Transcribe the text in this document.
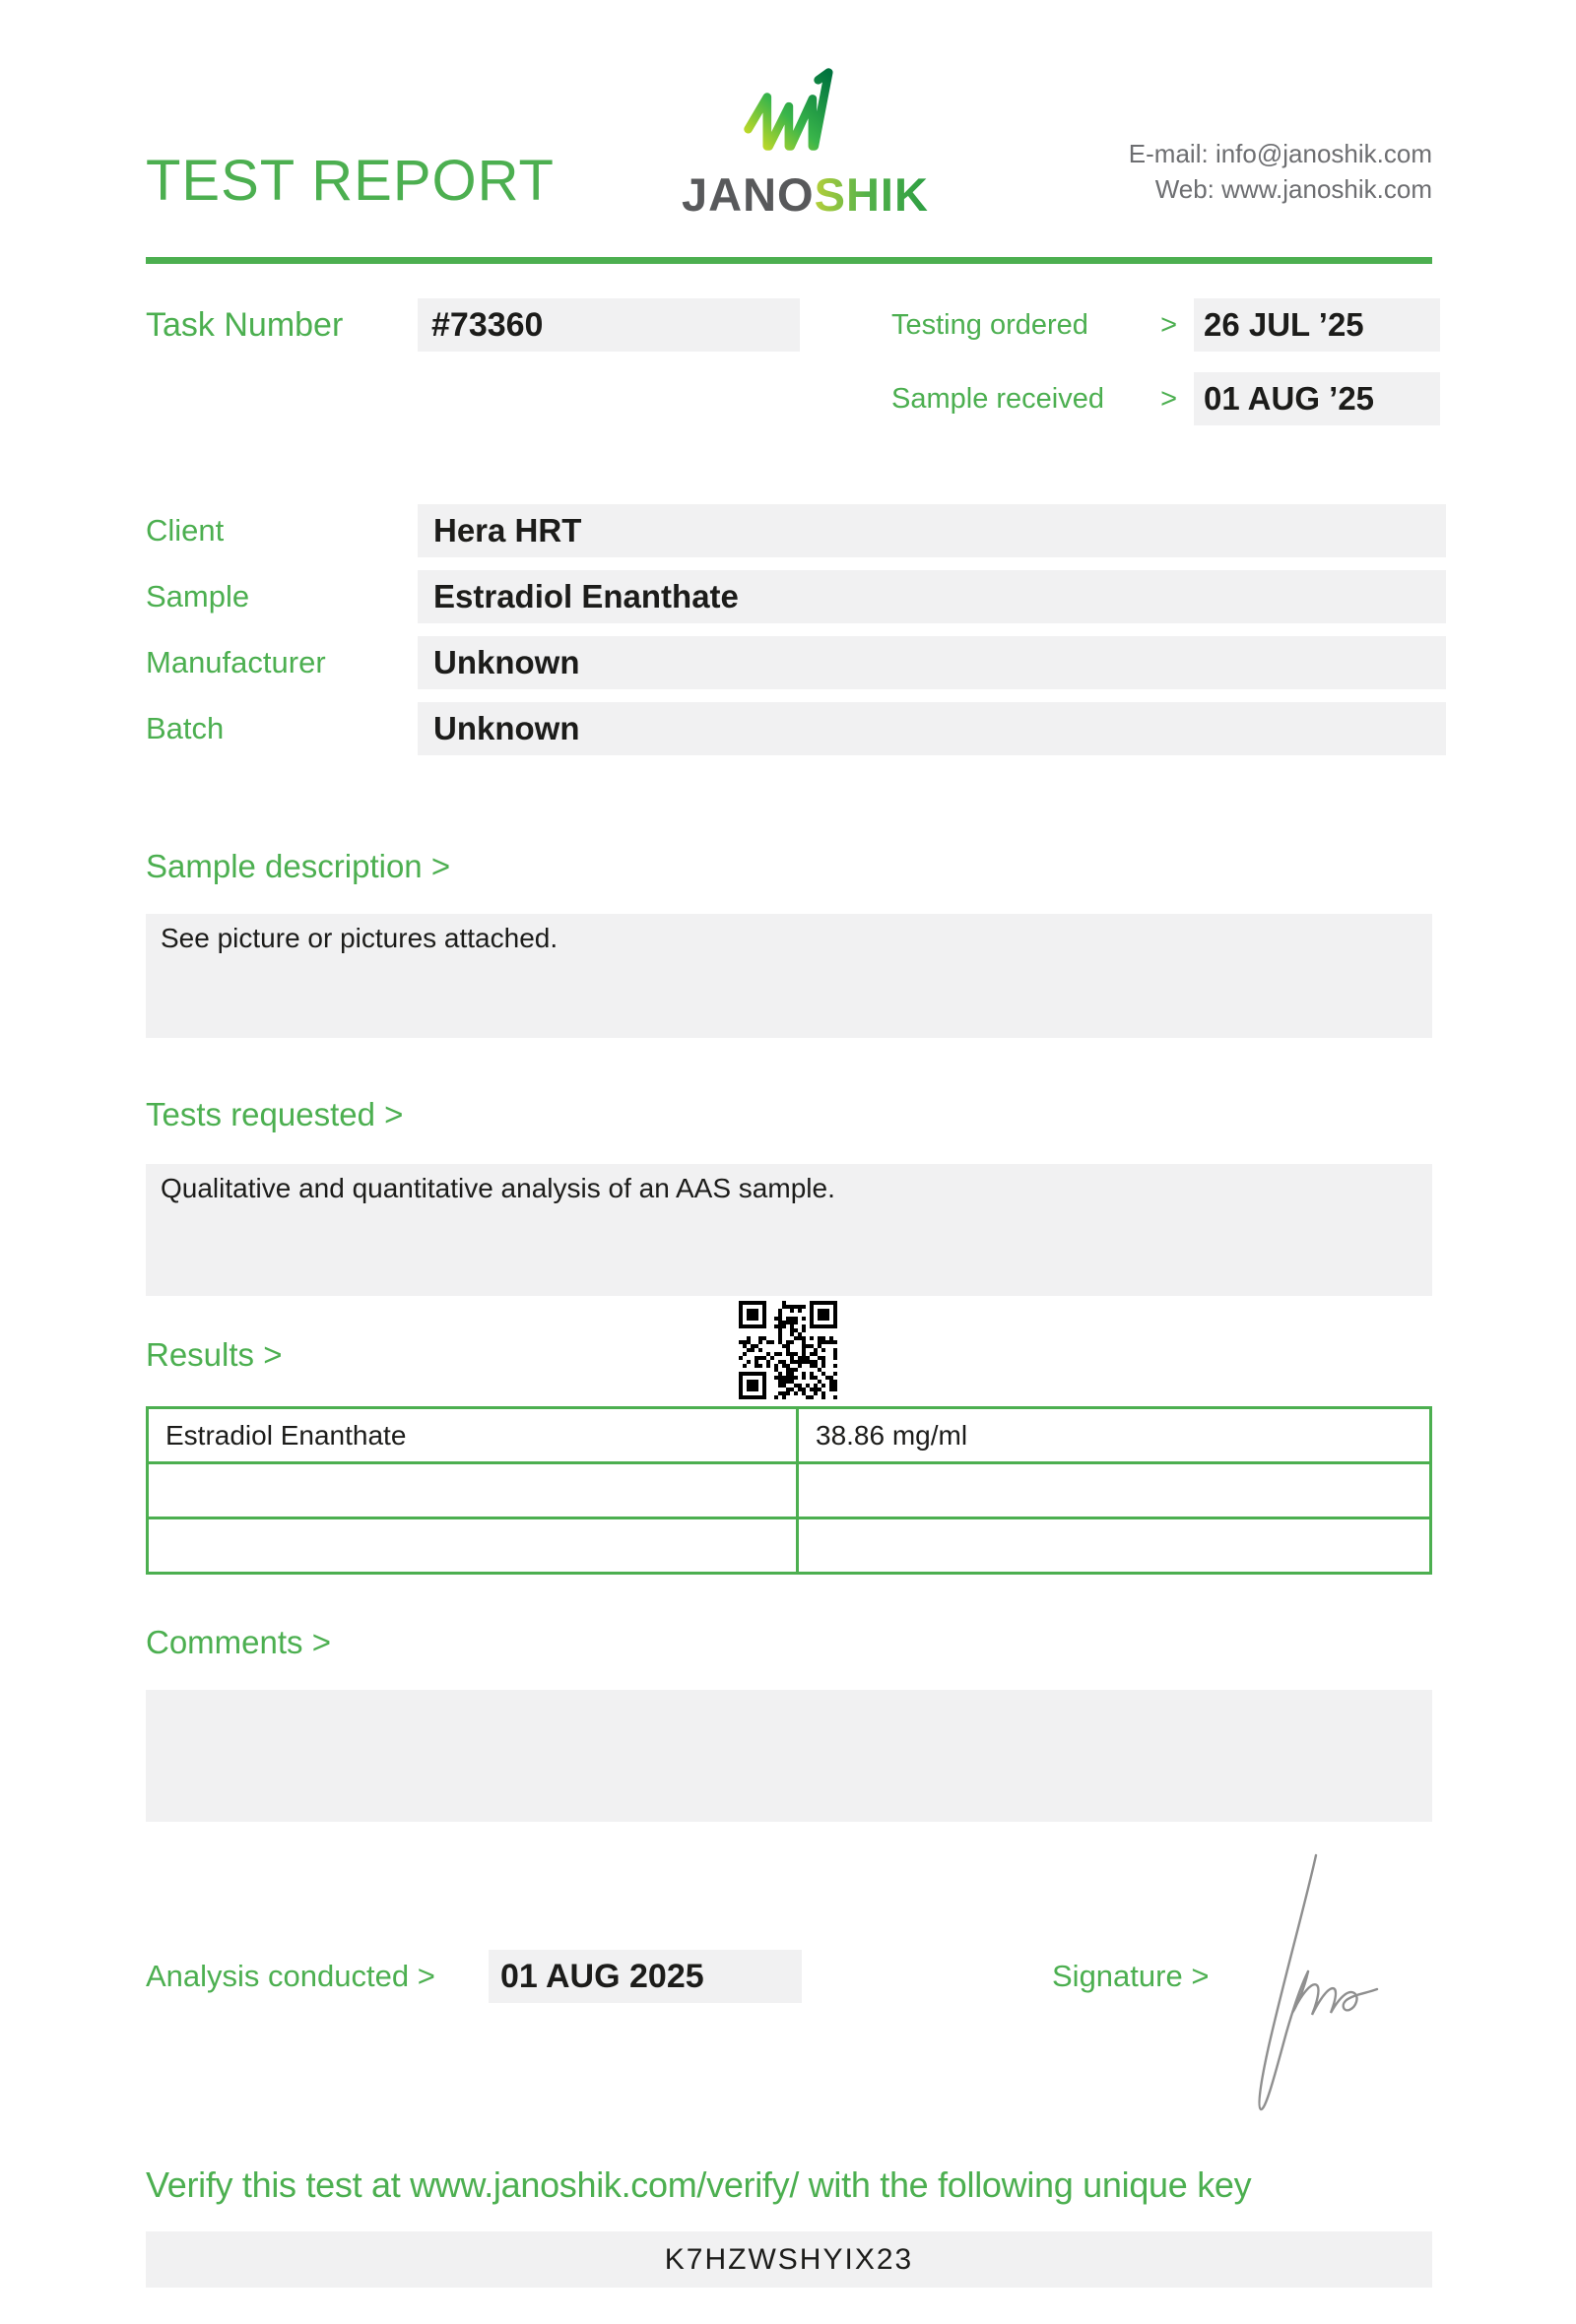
TEST REPORT	JANOSHIK
E-mail: info@janoshik.com
Web: www.janoshik.com
Task Number	#73360	Testing ordered	> 26 JUL ’25
Sample received > 01 AUG ’25
Client	Hera HRT
Sample	Estradiol Enanthate
Manufacturer	Unknown
Batch	Unknown
Sample description >
See picture or pictures attached.
Tests requested >
Qualitative and quantitative analysis of an AAS sample.
Results >
Estradiol Enanthate	38.86 mg/ml
Comments >
Analysis conducted >	01 AUG 2025	Signature >
Verify this test at www.janoshik.com/verify/ with the following unique key
K7HZWSHYIX23
